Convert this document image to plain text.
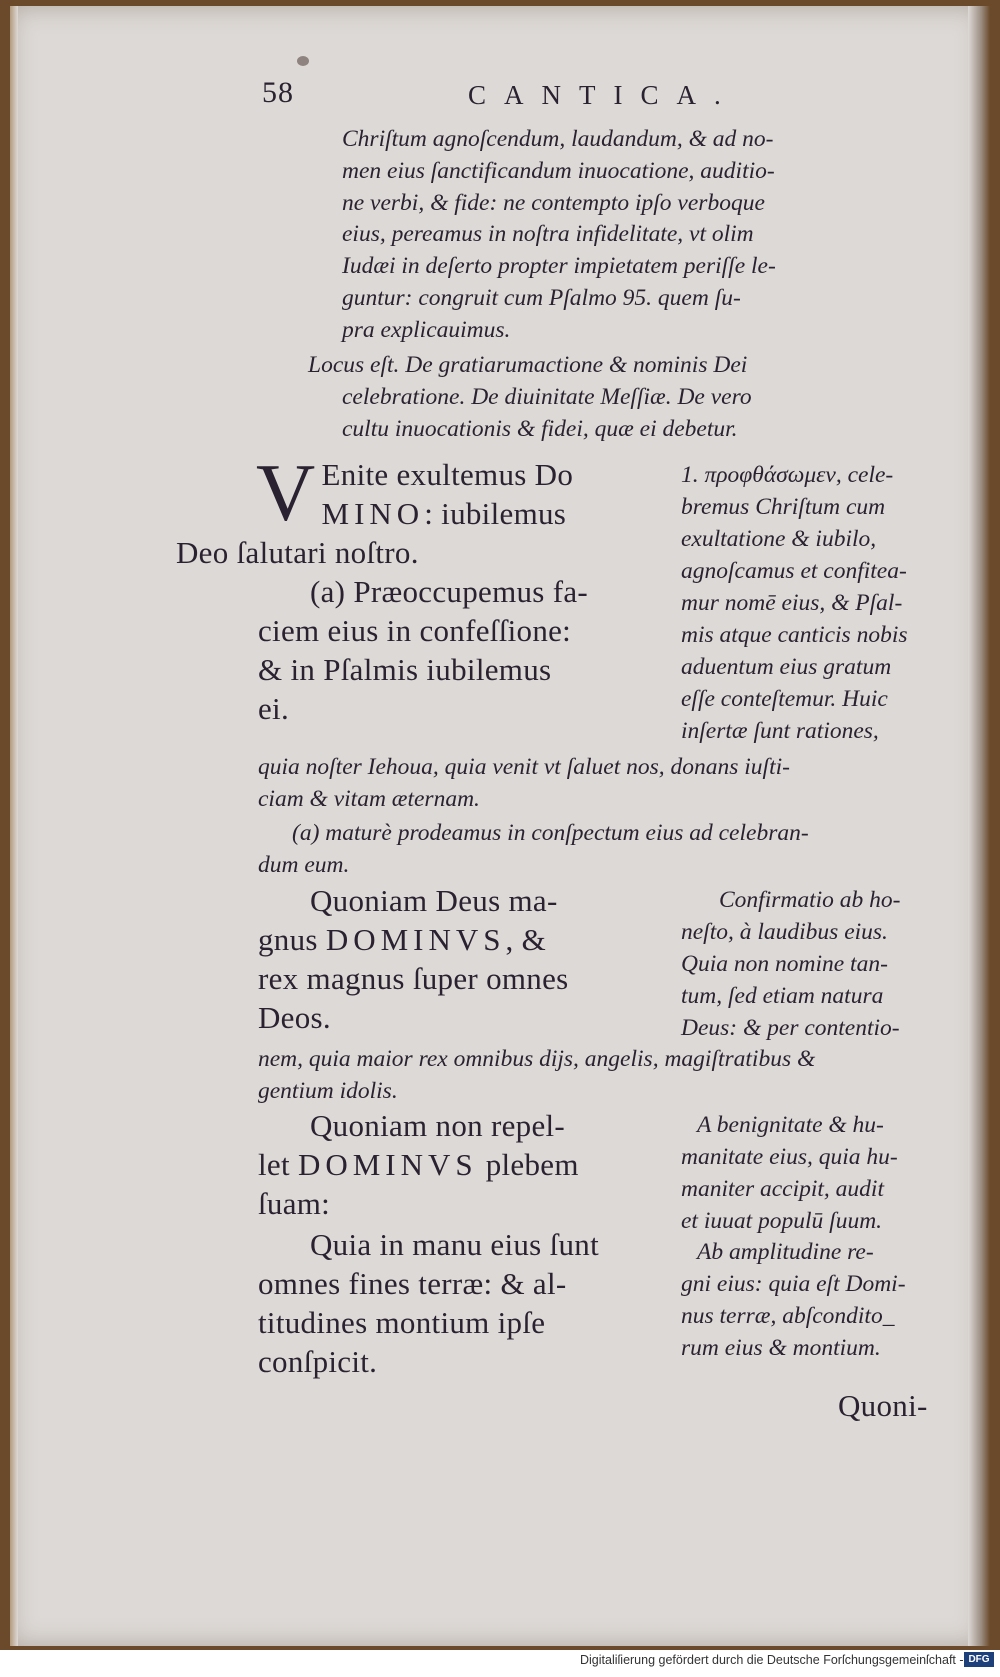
58	CANTICA.
Chriſtum agnoſcendum, laudandum, & ad no-
men eius ſanctificandum inuocatione, auditio-
ne verbi, & fide: ne contempto ipſo verboque
eius, pereamus in noſtra infidelitate, vt olim
Iudæi in deſerto propter impietatem periſſe le-
guntur: congruit cum Pſalmo 95. quem ſu-
pra explicauimus.
Locus eſt. De gratiarumactione & nominis Dei
celebratione. De diuinitate Meſſiæ. De vero
cultu inuocationis & fidei, quæ ei debetur.
V Enite exultemus Do
MINO: iubilemus
Deo ſalutari noſtro.
(a) Præoccupemus fa-
ciem eius in confeſſione:
& in Pſalmis iubilemus
ei.
1. προφθάσωμεν, cele-
bremus Chriſtum cum
exultatione & iubilo,
agnoſcamus et confitea-
mur nomē eius, & Pſal-
mis atque canticis nobis
aduentum eius gratum
eſſe conteſtemur. Huic
inſertæ ſunt rationes,
quia noſter Iehoua, quia venit vt ſaluet nos, donans iuſti-
ciam & vitam æternam.
(a) maturè prodeamus in conſpectum eius ad celebran-
dum eum.
Quoniam Deus ma-
gnus DOMINVS, &
rex magnus ſuper omnes
Deos.
Confirmatio ab ho-
neſto, à laudibus eius.
Quia non nomine tan-
tum, ſed etiam natura
Deus: & per contentio-
nem, quia maior rex omnibus dijs, angelis, magiſtratibus &
gentium idolis.
Quoniam non repel-
let DOMINVS plebem
ſuam:
Quia in manu eius ſunt
omnes fines terræ: & al-
titudines montium ipſe
conſpicit.
A benignitate & hu-
manitate eius, quia hu-
maniter accipit, audit
et iuuat populū ſuum.
Ab amplitudine re-
gni eius: quia eſt Domi-
nus terræ, abſcondito_
rum eius & montium.
Quoni-
Digitaliſierung gefördert durch die Deutsche Forſchungsgemeinſchaft - DFG
